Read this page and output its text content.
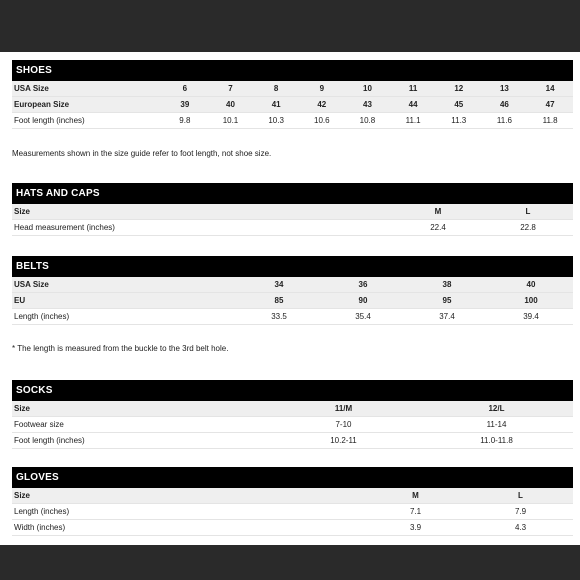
SHOES
USA Size	6	7	8	9	10	11	12	13	14
European Size	39	40	41	42	43	44	45	46	47
Foot length (inches)	9.8	10.1	10.3	10.6	10.8	11.1	11.3	11.6	11.8
Measurements shown in the size guide refer to foot length, not shoe size.
HATS AND CAPS
Size	M	L
Head measurement (inches)	22.4	22.8
BELTS
USA Size	34	36	38	40
EU	85	90	95	100
Length (inches)	33.5	35.4	37.4	39.4
* The length is measured from the buckle to the 3rd belt hole.
SOCKS
Size	11/M	12/L
Footwear size	7-10	11-14
Foot length (inches)	10.2-11	11.0-11.8
GLOVES
Size	M	L
Length (inches)	7.1	7.9
Width (inches)	3.9	4.3
